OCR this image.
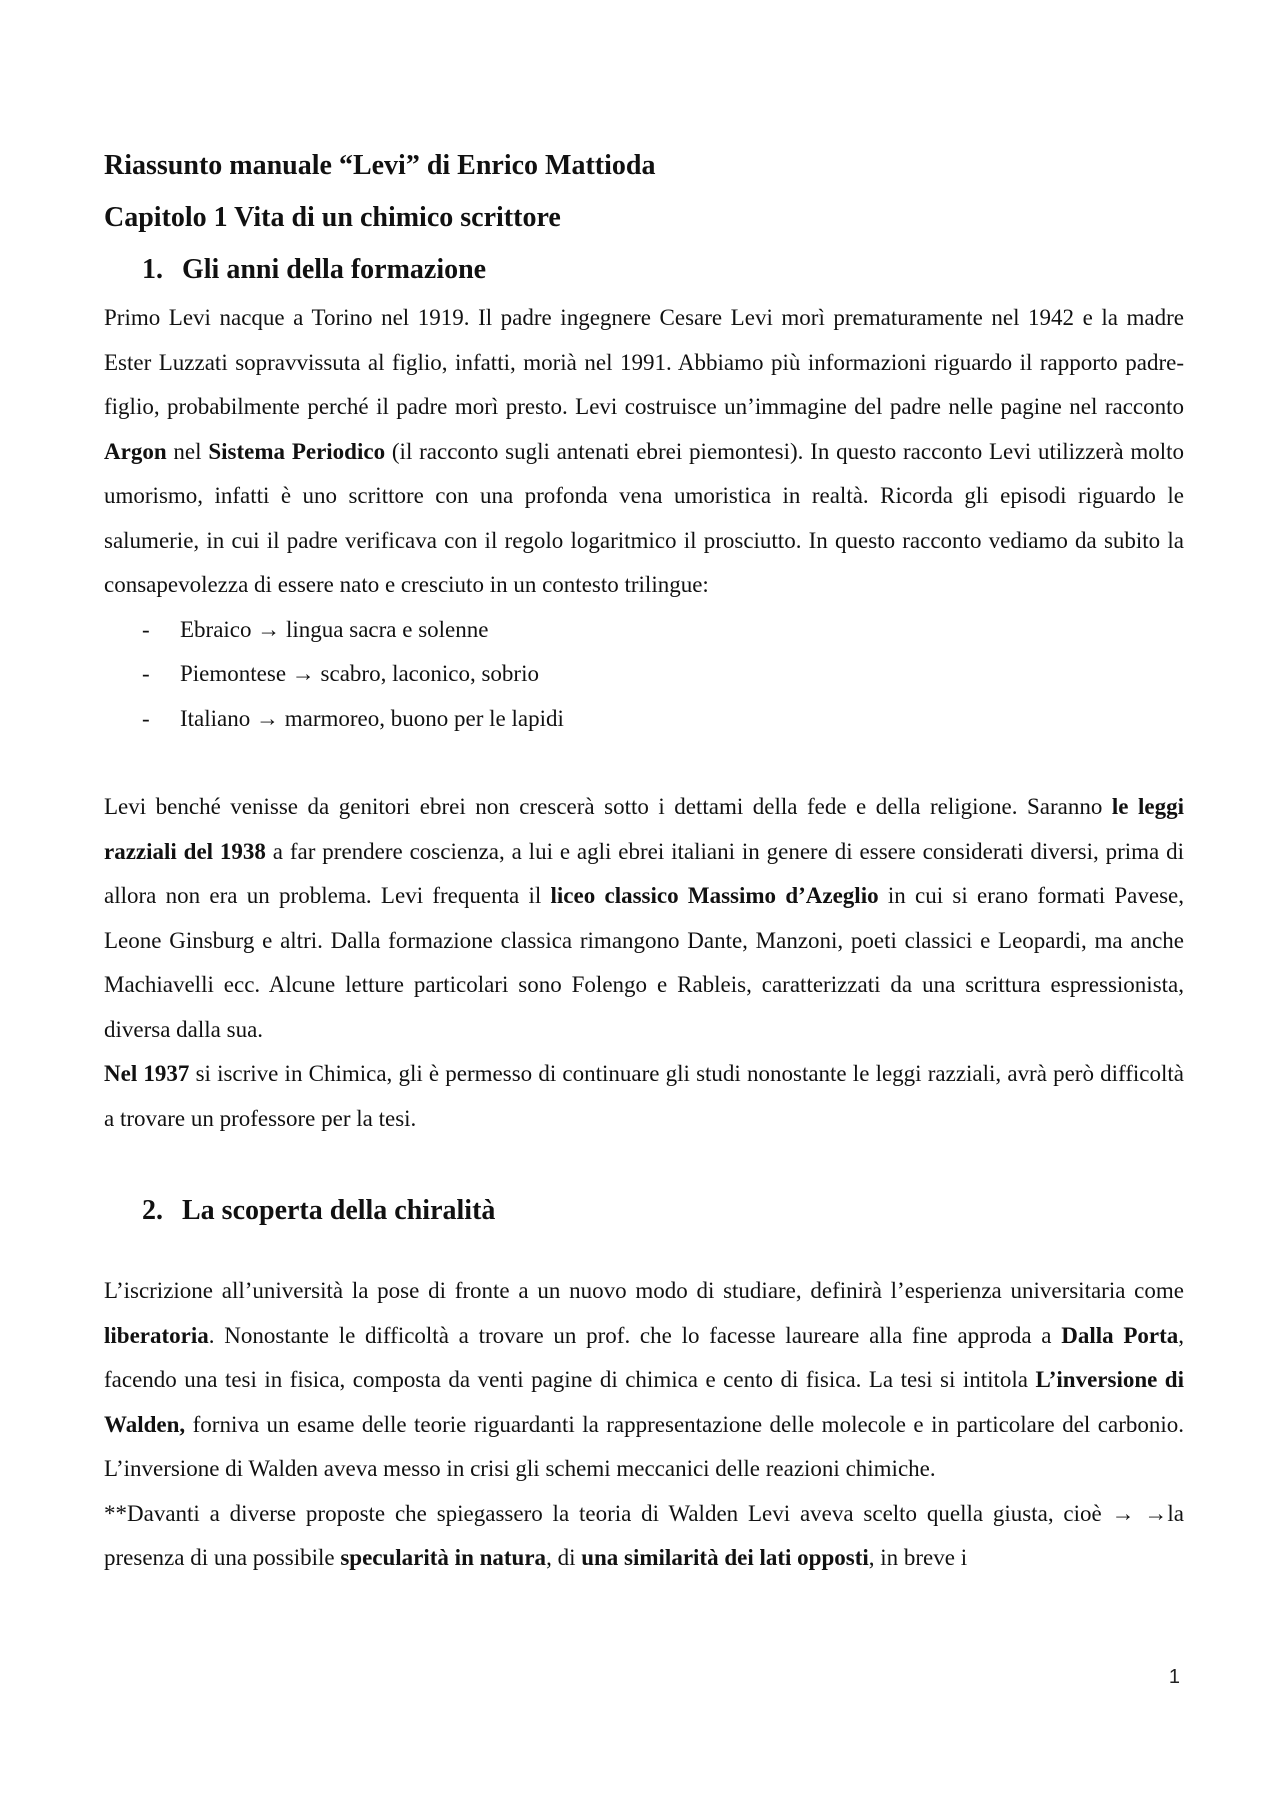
Riassunto manuale “Levi” di Enrico Mattioda
Capitolo 1 Vita di un chimico scrittore
1. Gli anni della formazione

Primo Levi nacque a Torino nel 1919. Il padre ingegnere Cesare Levi morì prematuramente nel 1942 e la madre Ester Luzzati sopravvissuta al figlio, infatti, morià nel 1991. Abbiamo più informazioni riguardo il rapporto padre-figlio, probabilmente perché il padre morì presto. Levi costruisce un’immagine del padre nelle pagine nel racconto Argon nel Sistema Periodico (il racconto sugli antenati ebrei piemontesi). In questo racconto Levi utilizzerà molto umorismo, infatti è uno scrittore con una profonda vena umoristica in realtà. Ricorda gli episodi riguardo le salumerie, in cui il padre verificava con il regolo logaritmico il prosciutto. In questo racconto vediamo da subito la consapevolezza di essere nato e cresciuto in un contesto trilingue:

- Ebraico → lingua sacra e solenne
- Piemontese → scabro, laconico, sobrio
- Italiano → marmoreo, buono per le lapidi

Levi benché venisse da genitori ebrei non crescerà sotto i dettami della fede e della religione. Saranno le leggi razziali del 1938 a far prendere coscienza, a lui e agli ebrei italiani in genere di essere considerati diversi, prima di allora non era un problema. Levi frequenta il liceo classico Massimo d’Azeglio in cui si erano formati Pavese, Leone Ginsburg e altri. Dalla formazione classica rimangono Dante, Manzoni, poeti classici e Leopardi, ma anche Machiavelli ecc. Alcune letture particolari sono Folengo e Rableis, caratterizzati da una scrittura espressionista, diversa dalla sua.

Nel 1937 si iscrive in Chimica, gli è permesso di continuare gli studi nonostante le leggi razziali, avrà però difficoltà a trovare un professore per la tesi.

2. La scoperta della chiralità

L’iscrizione all’università la pose di fronte a un nuovo modo di studiare, definirà l’esperienza universitaria come liberatoria. Nonostante le difficoltà a trovare un prof. che lo facesse laureare alla fine approda a Dalla Porta, facendo una tesi in fisica, composta da venti pagine di chimica e cento di fisica. La tesi si intitola L’inversione di Walden, forniva un esame delle teorie riguardanti la rappresentazione delle molecole e in particolare del carbonio. L’inversione di Walden aveva messo in crisi gli schemi meccanici delle reazioni chimiche.

**Davanti a diverse proposte che spiegassero la teoria di Walden Levi aveva scelto quella giusta, cioè → →la presenza di una possibile specularità in natura, di una similarità dei lati opposti, in breve i

1
